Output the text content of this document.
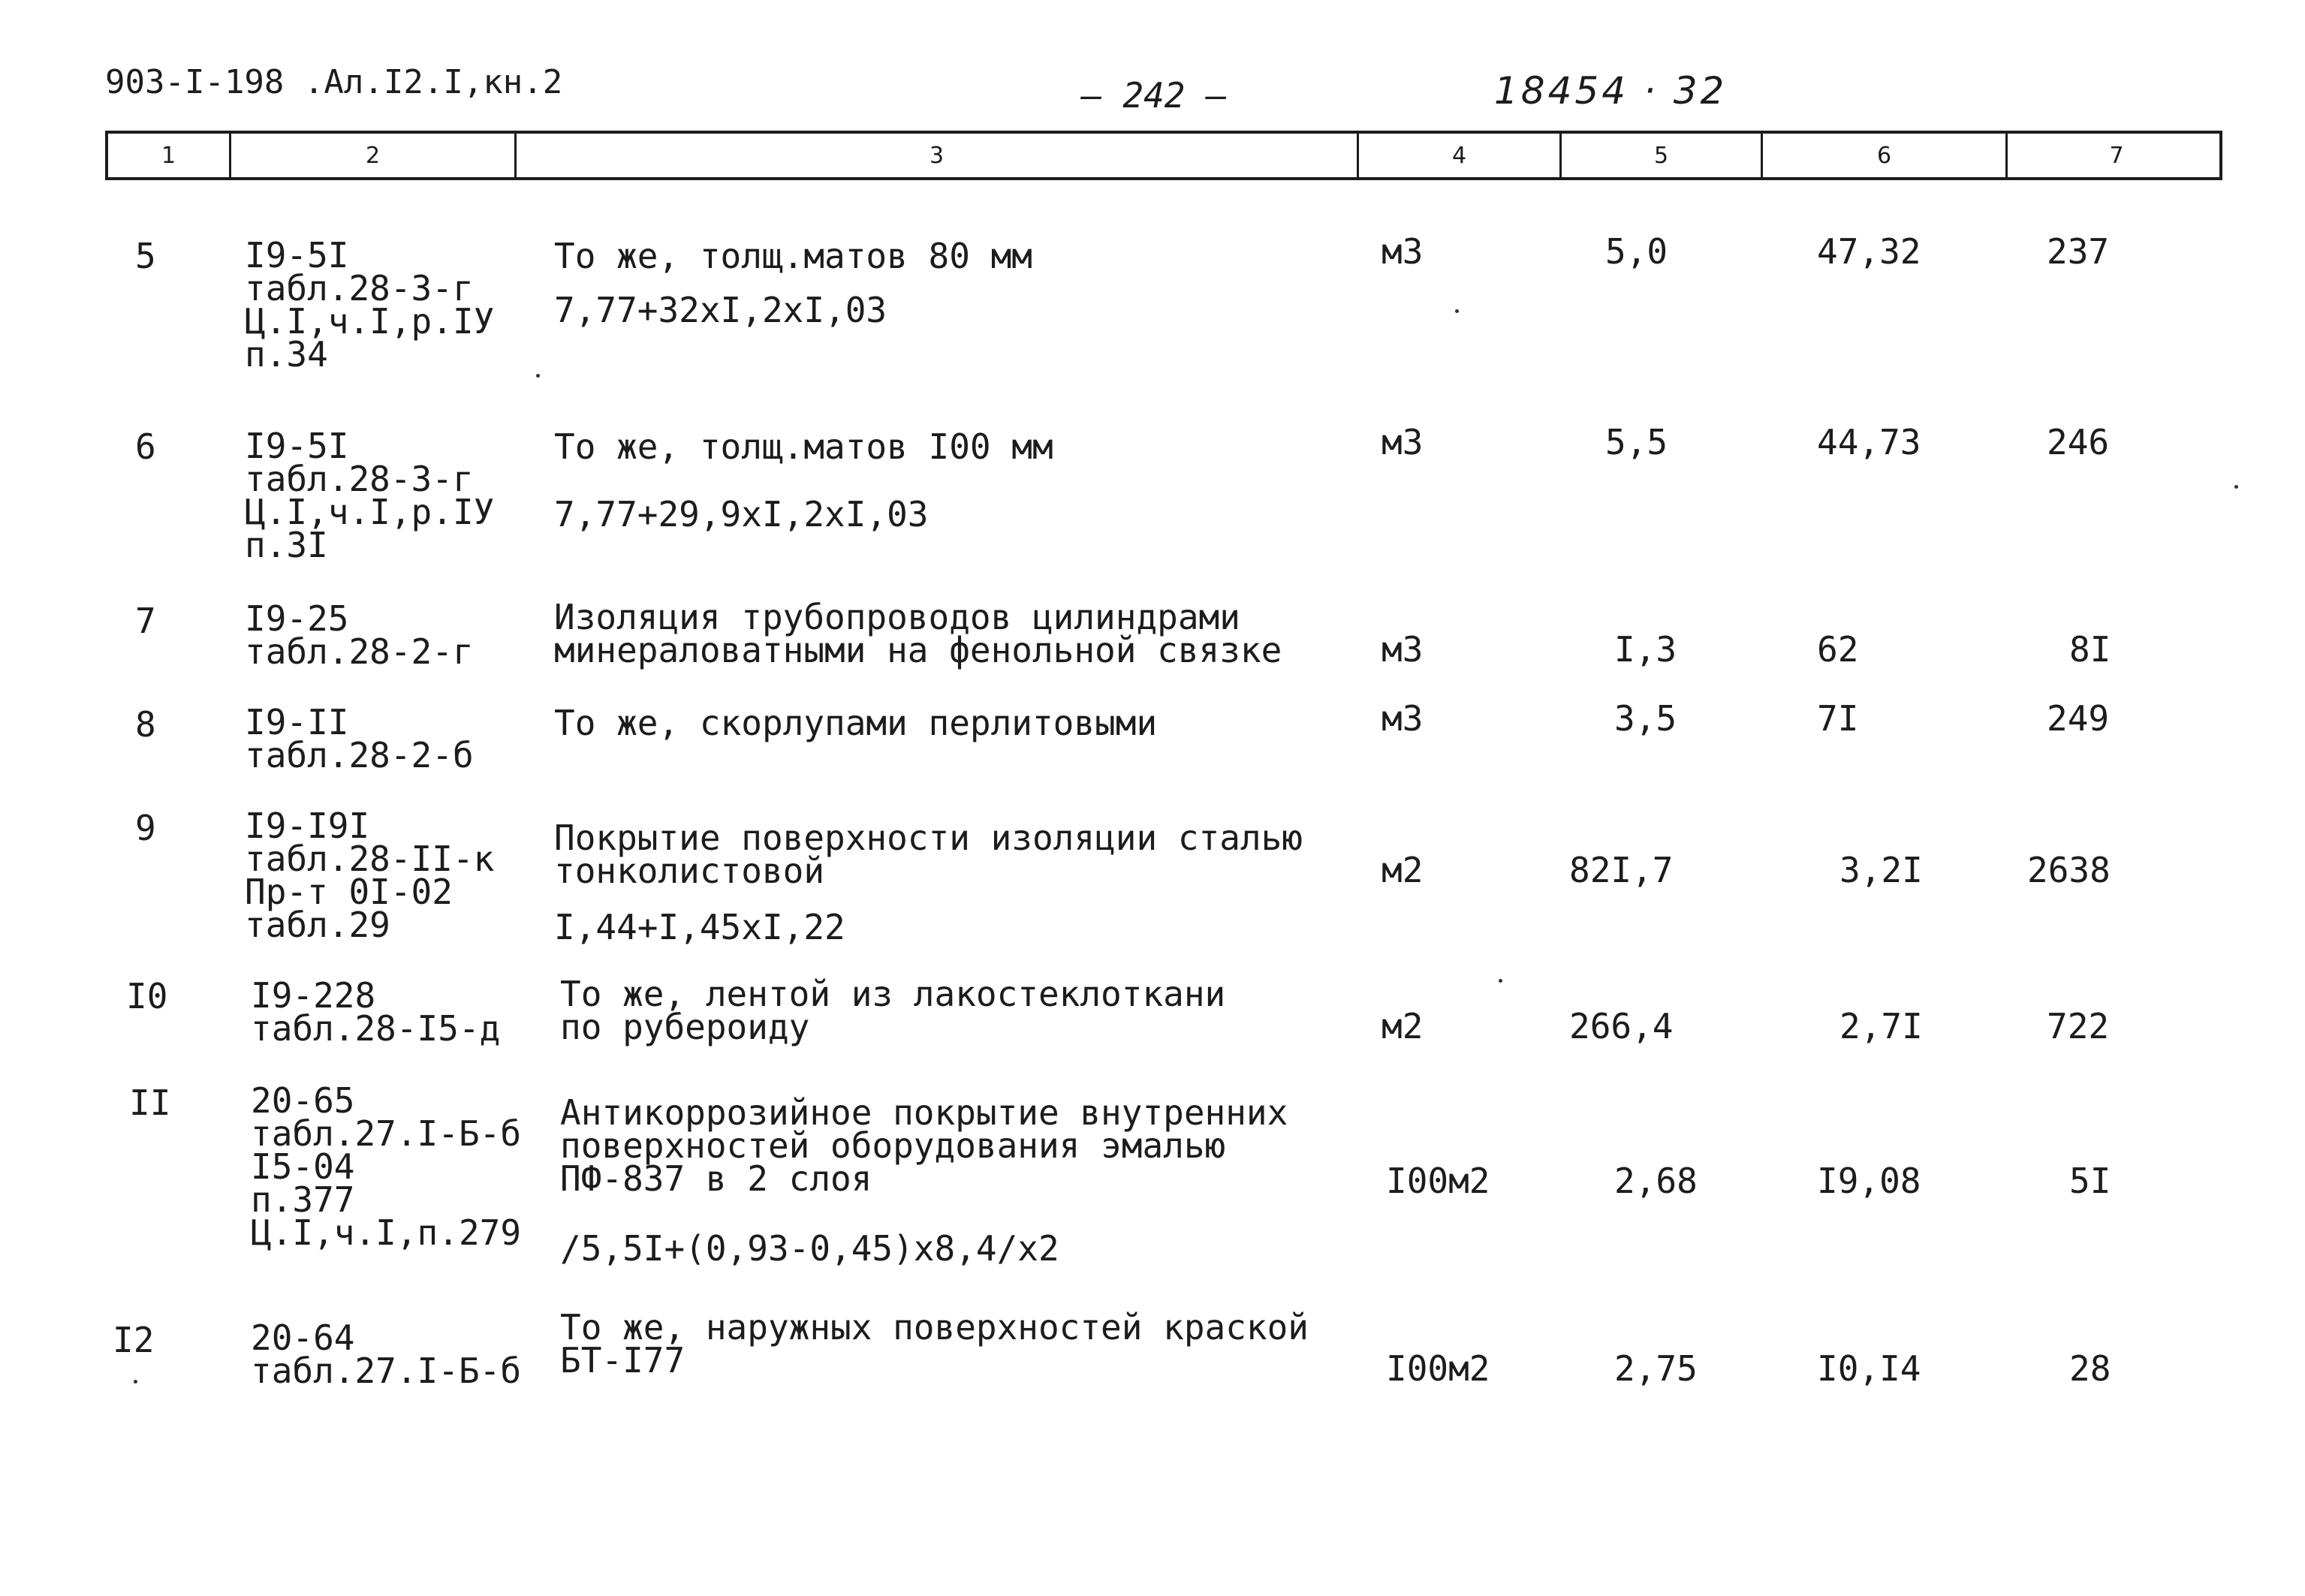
903-I-198 .Ал.I2.I,кн.2	— 242 —	18454 · 32
1	2	3	4	5	6	7
5	I9-5I
табл.28-3-г
Ц.I,ч.I,р.IУ
п.34
То же, толщ.матов 80 мм
7,77+32xI,2xI,03
м3	5,0	47,32	237
6	I9-5I
табл.28-3-г
Ц.I,ч.I,р.IУ
п.3I
То же, толщ.матов I00 мм
7,77+29,9xI,2xI,03
м3	5,5	44,73	246
7	I9-25
табл.28-2-г
Изоляция трубопроводов цилиндрами
минераловатными на фенольной связке	м3	I,3	62	8I
8	I9-II
табл.28-2-б
То же, скорлупами перлитовыми	м3	3,5	7I	249
9	I9-I9I
табл.28-II-к
Пр-т 0I-02
табл.29
Покрытие поверхности изоляции сталью
тонколистовой
I,44+I,45xI,22
м2	82I,7	3,2I	2638
I0 I9-228
табл.28-I5-д
То же, лентой из лакостеклоткани
по рубероиду	м2	266,4	2,7I	722
II 20-65
табл.27.I-Б-б
I5-04
п.377
Ц.I,ч.I,п.279
Антикоррозийное покрытие внутренних
поверхностей оборудования эмалью
ПФ-837 в 2 слоя
/5,5I+(0,93-0,45)x8,4/x2
I00м2	2,68	I9,08	5I
I2	20-64
табл.27.I-Б-б
То же, наружных поверхностей краской
БТ-I77	I00м2	2,75	I0,I4	28
